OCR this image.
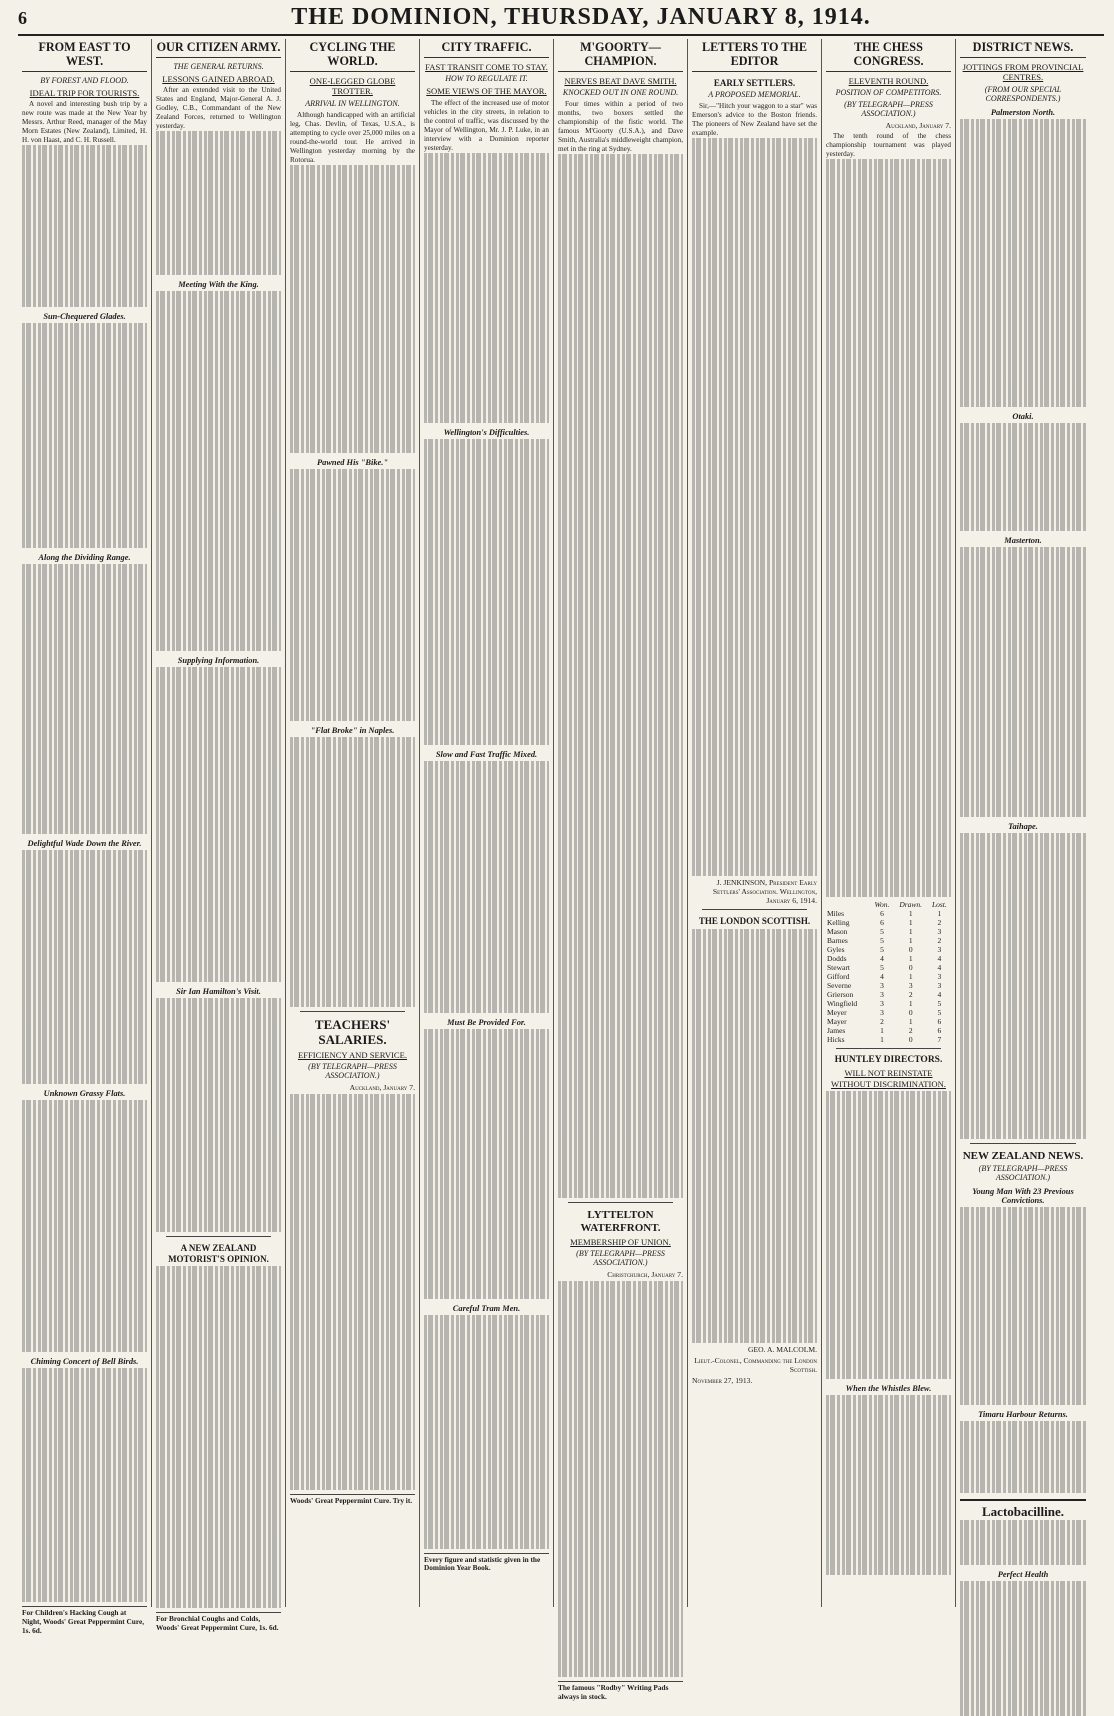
6	THE DOMINION, THURSDAY, JANUARY 8, 1914.
FROM EAST TO WEST.
BY FOREST AND FLOOD.
IDEAL TRIP FOR TOURISTS.

A novel and interesting bush trip by a new route was made at the New Year by Messrs. Arthur Reed, manager of the May Morn Estates (New Zealand), Limited, H. H. von Haast, and C. H. Russell.

Sun-Chequered Glades.
Along the Dividing Range.
Delightful Wade Down the River.
Unknown Grassy Flats.
Chiming Concert of Bell Birds.
For Children's Hacking Cough at Night, Woods' Great Peppermint Cure, 1s. 6d.
OUR CITIZEN ARMY.
THE GENERAL RETURNS.
LESSONS GAINED ABROAD.

After an extended visit to the United States and England, Major-General A. J. Godley, C.B., Commandant of the New Zealand Forces, returned to Wellington yesterday.

Meeting With the King.
Supplying Information.
Sir Ian Hamilton's Visit.
A NEW ZEALAND MOTORIST'S OPINION.
For Bronchial Coughs and Colds, Woods' Great Peppermint Cure, 1s. 6d.
CYCLING THE WORLD.
ONE-LEGGED GLOBE TROTTER.
ARRIVAL IN WELLINGTON.

Although handicapped with an artificial leg, Chas. Devlin, of Texas, U.S.A., is attempting to cycle over 25,000 miles on a round-the-world tour. He arrived in Wellington yesterday morning by the Rotorua.

Pawned His "Bike."
"Flat Broke" in Naples.
TEACHERS' SALARIES.
EFFICIENCY AND SERVICE.
(BY TELEGRAPH—PRESS ASSOCIATION.)
Auckland, January 7.
Woods' Great Peppermint Cure. Try it.
CITY TRAFFIC.
FAST TRANSIT COME TO STAY.
HOW TO REGULATE IT.
SOME VIEWS OF THE MAYOR.

The effect of the increased use of motor vehicles in the city streets, in relation to the control of traffic, was discussed by the Mayor of Wellington, Mr. J. P. Luke, in an interview with a Dominion reporter yesterday.

Wellington's Difficulties.
Slow and Fast Traffic Mixed.
Must Be Provided For.
Careful Tram Men.
Every figure and statistic given in the Dominion Year Book.
M'GOORTY—CHAMPION.
NERVES BEAT DAVE SMITH.
KNOCKED OUT IN ONE ROUND.

Four times within a period of two months, two boxers settled the championship of the fistic world. The famous M'Goorty (U.S.A.), and Dave Smith, Australia's middleweight champion, met in the ring at Sydney.

LYTTELTON WATERFRONT.
MEMBERSHIP OF UNION.
(BY TELEGRAPH—PRESS ASSOCIATION.)
Christchurch, January 7.
The famous "Rodby" Writing Pads always in stock.
LETTERS TO THE EDITOR
EARLY SETTLERS.
A PROPOSED MEMORIAL.

Sir,—"Hitch your waggon to a star" was Emerson's advice to the Boston friends. The pioneers of New Zealand have set the example.

J. JENKINSON, President Early Settlers' Association. Wellington, January 6, 1914.
THE LONDON SCOTTISH.
GEO. A. MALCOLM.
Lieut.-Colonel, Commanding the London Scottish.
November 27, 1913.
THE CHESS CONGRESS.
ELEVENTH ROUND.
POSITION OF COMPETITORS.
(BY TELEGRAPH—PRESS ASSOCIATION.)
Auckland, January 7.

The tenth round of the chess championship tournament was played yesterday.

	Won.	Drawn.	Lost.
Miles	6	1	1
Kelling	6	1	2
Mason	5	1	3
Barnes	5	1	2
Gyles	5	0	3
Dodds	4	1	4
Stewart	5	0	4
Gifford	4	1	3
Severne	3	3	3
Grierson	3	2	4
Wingfield	3	1	5
Meyer	3	0	5
Mayer	2	1	6
James	1	2	6
Hicks	1	0	7
HUNTLEY DIRECTORS.
WILL NOT REINSTATE WITHOUT DISCRIMINATION.
When the Whistles Blew.
DISTRICT NEWS.
JOTTINGS FROM PROVINCIAL CENTRES.
(FROM OUR SPECIAL CORRESPONDENTS.)
Palmerston North.
Otaki.
Masterton.
Taihape.
NEW ZEALAND NEWS.
(BY TELEGRAPH—PRESS ASSOCIATION.)
Young Man With 23 Previous Convictions.
Timaru Harbour Returns.
Lactobacilline.
Perfect Health
